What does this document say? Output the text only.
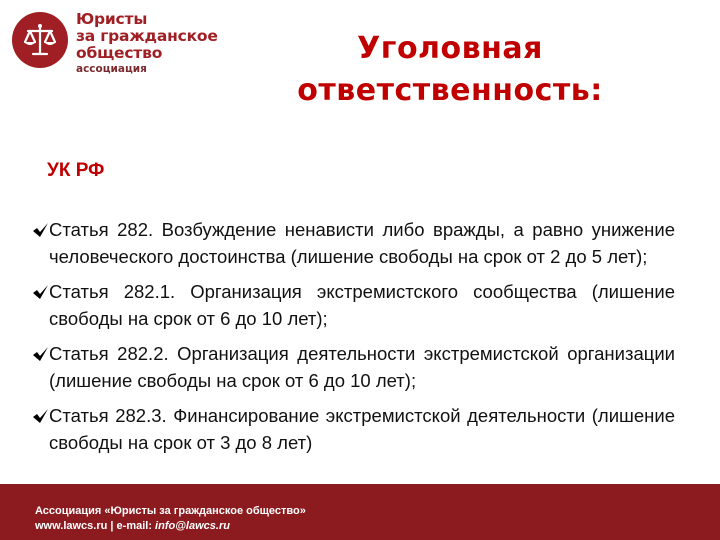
Юристы
за гражданское
общество
ассоциация
Уголовная
ответственность:
УК РФ
Статья 282. Возбуждение ненависти либо вражды, а равно унижение человеческого достоинства (лишение свободы на срок от 2 до 5 лет);
Статья 282.1. Организация экстремистского сообщества (лишение свободы на срок от 6 до 10 лет);
Статья 282.2. Организация деятельности экстремистской организации (лишение свободы на срок от 6 до 10 лет);
Статья 282.3. Финансирование экстремистской деятельности (лишение свободы на срок от 3 до 8 лет)
Ассоциация «Юристы за гражданское общество»
www.lawcs.ru | e-mail: info@lawcs.ru
